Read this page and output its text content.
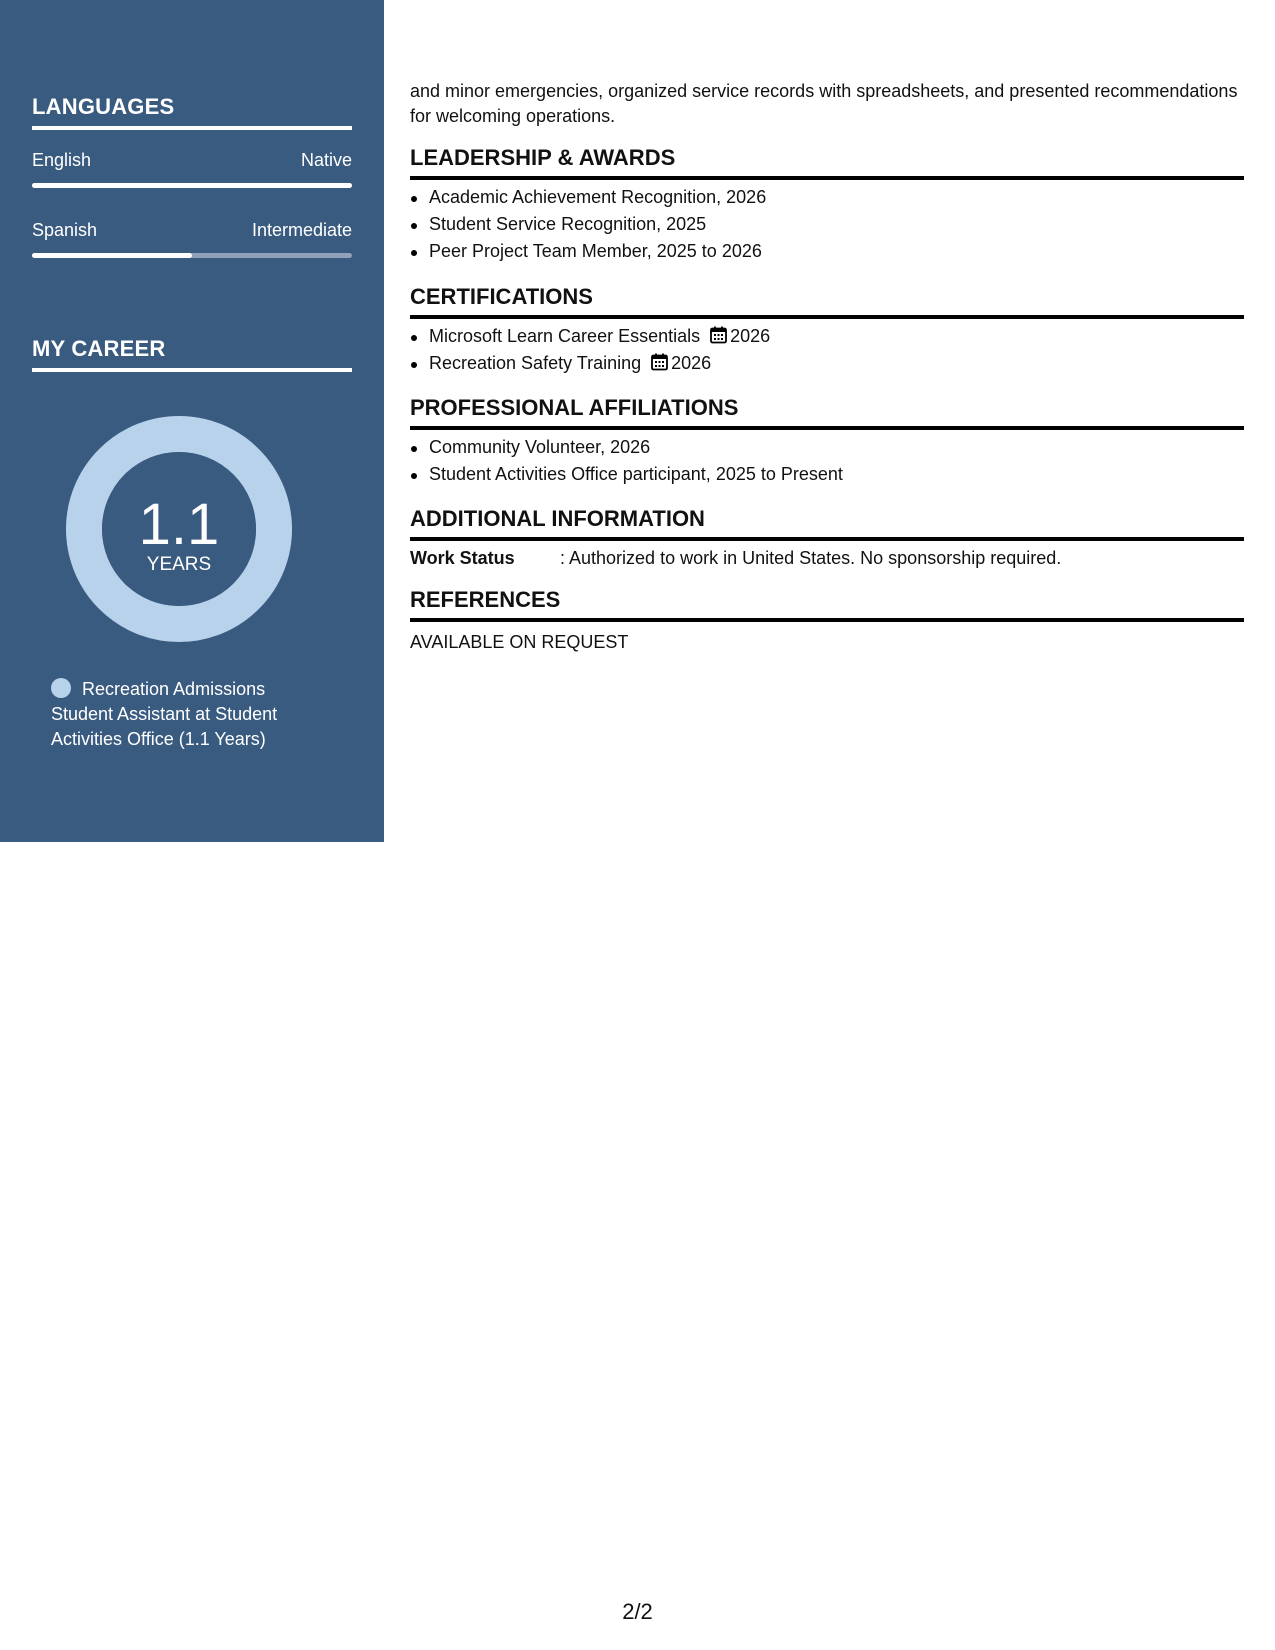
LANGUAGES
English	Native
Spanish	Intermediate
MY CAREER
1.1
YEARS
Recreation Admissions Student Assistant at Student Activities Office (1.1 Years)

and minor emergencies, organized service records with spreadsheets, and presented recommendations for welcoming operations.

LEADERSHIP & AWARDS
Academic Achievement Recognition, 2026
Student Service Recognition, 2025
Peer Project Team Member, 2025 to 2026
CERTIFICATIONS
Microsoft Learn Career Essentials 2026
Recreation Safety Training 2026
PROFESSIONAL AFFILIATIONS
Community Volunteer, 2026
Student Activities Office participant, 2025 to Present
ADDITIONAL INFORMATION
Work Status	: Authorized to work in United States. No sponsorship required.
REFERENCES

AVAILABLE ON REQUEST

2/2
